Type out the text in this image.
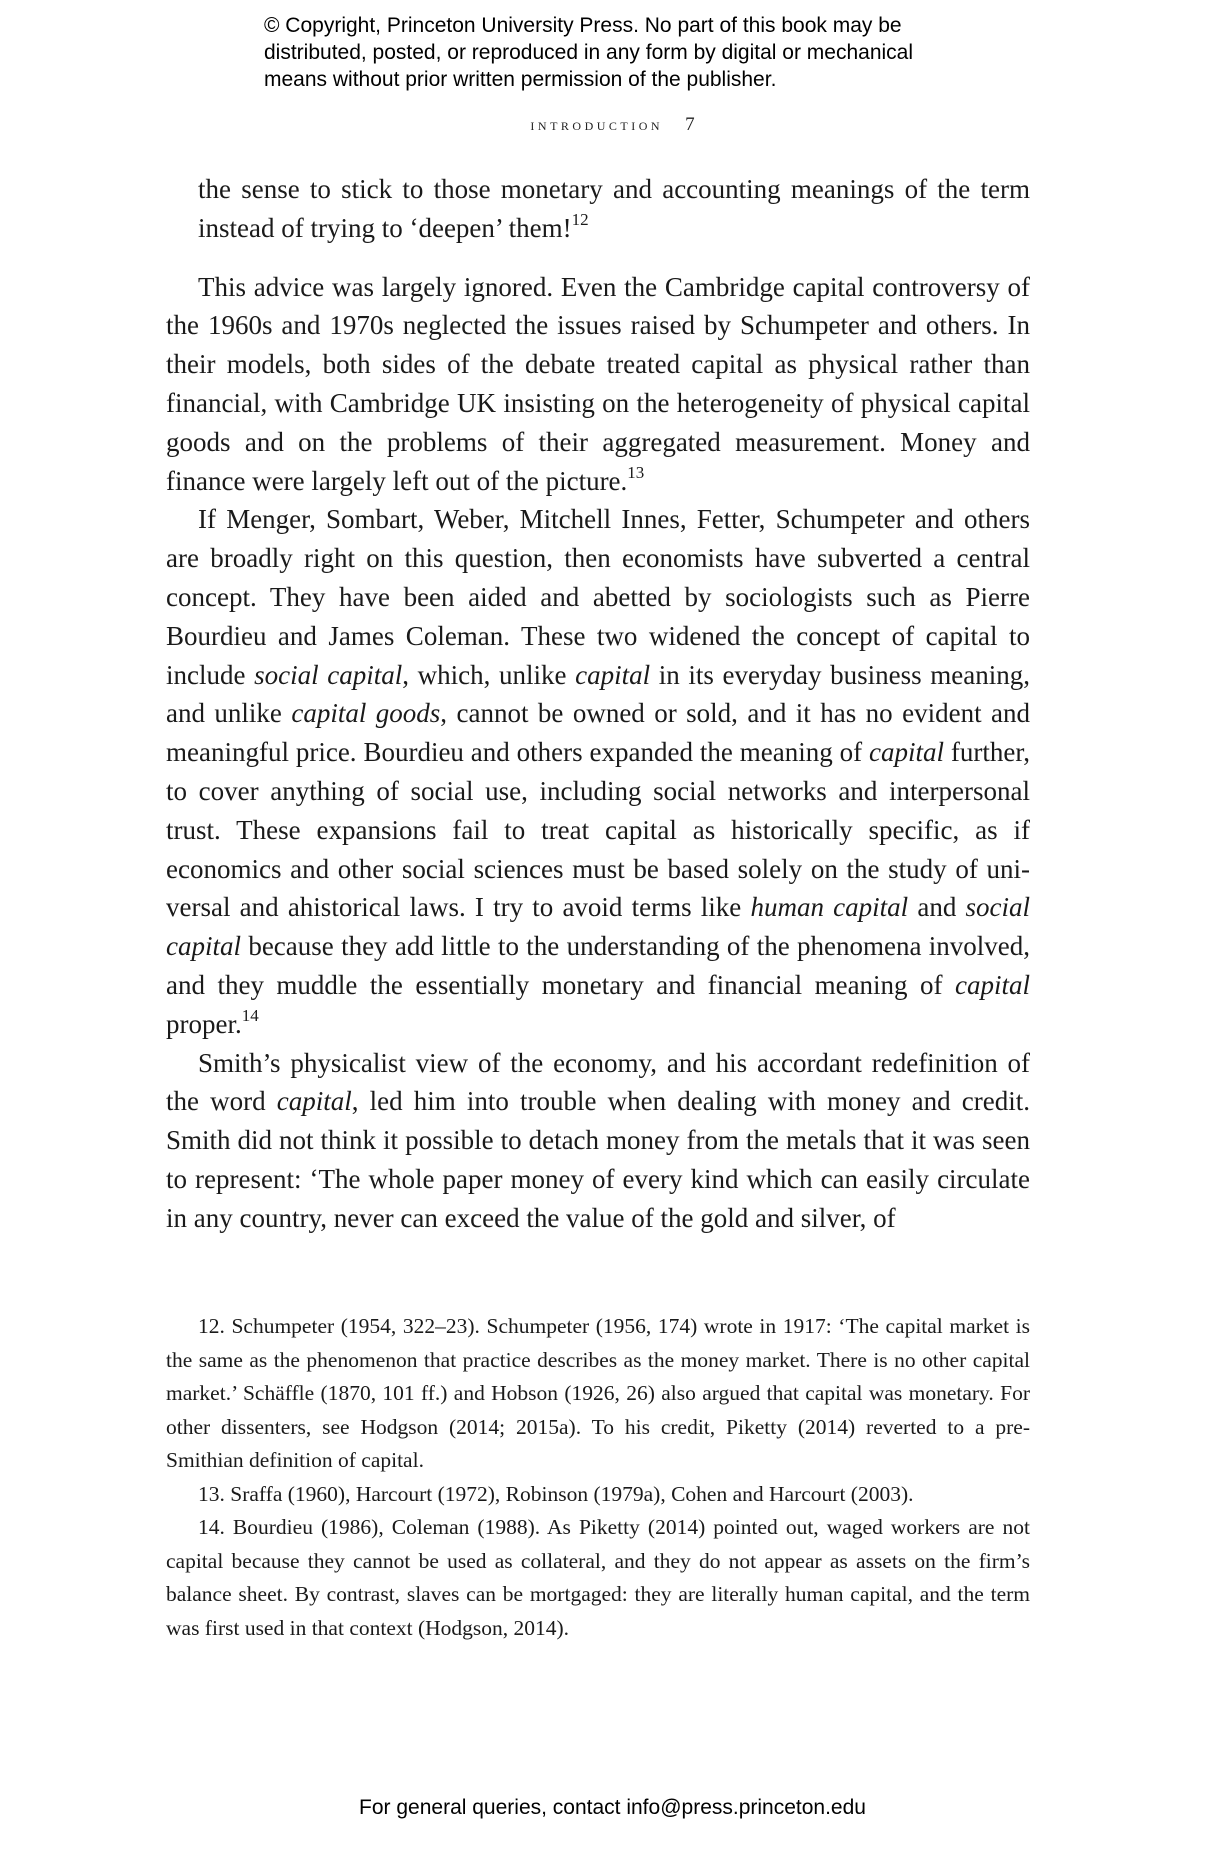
© Copyright, Princeton University Press. No part of this book may be
distributed, posted, or reproduced in any form by digital or mechanical
means without prior written permission of the publisher.
introduction 7

the sense to stick to those monetary and accounting meanings of the term instead of trying to ‘deepen’ them!$^{12}$

This advice was largely ignored. Even the Cambridge capital controversy of the 1960s and 1970s neglected the issues raised by Schumpeter and others. In their models, both sides of the debate treated capital as physical rather than financial, with Cambridge UK insisting on the heterogeneity of physical capital goods and on the problems of their aggregated measurement. Money and finance were largely left out of the picture.$^{13}$

If Menger, Sombart, Weber, Mitchell Innes, Fetter, Schumpeter and others are broadly right on this question, then economists have subverted a central concept. They have been aided and abetted by sociologists such as Pierre Bourdieu and James Coleman. These two widened the concept of capital to include social capital, which, unlike capital in its everyday business meaning, and unlike capital goods, cannot be owned or sold, and it has no evident and meaningful price. Bourdieu and others expanded the meaning of capital further, to cover anything of social use, including social networks and interpersonal trust. These expansions fail to treat capital as historically specific, as if economics and other social sciences must be based solely on the study of universal and ahistorical laws. I try to avoid terms like human capital and social capital because they add little to the understanding of the phenomena involved, and they muddle the essentially monetary and financial meaning of capital proper.$^{14}$

Smith’s physicalist view of the economy, and his accordant redefinition of the word capital, led him into trouble when dealing with money and credit. Smith did not think it possible to detach money from the metals that it was seen to represent: ‘The whole paper money of every kind which can easily circulate in any country, never can exceed the value of the gold and silver, of

12. Schumpeter (1954, 322–23). Schumpeter (1956, 174) wrote in 1917: ‘The capital market is the same as the phenomenon that practice describes as the money market. There is no other capital market.’ Schäffle (1870, 101 ff.) and Hobson (1926, 26) also argued that capital was monetary. For other dissenters, see Hodgson (2014; 2015a). To his credit, Piketty (2014) reverted to a pre-Smithian definition of capital.

13. Sraffa (1960), Harcourt (1972), Robinson (1979a), Cohen and Harcourt (2003).

14. Bourdieu (1986), Coleman (1988). As Piketty (2014) pointed out, waged workers are not capital because they cannot be used as collateral, and they do not appear as assets on the firm’s balance sheet. By contrast, slaves can be mortgaged: they are literally human capital, and the term was first used in that context (Hodgson, 2014).

For general queries, contact info@press.princeton.edu
